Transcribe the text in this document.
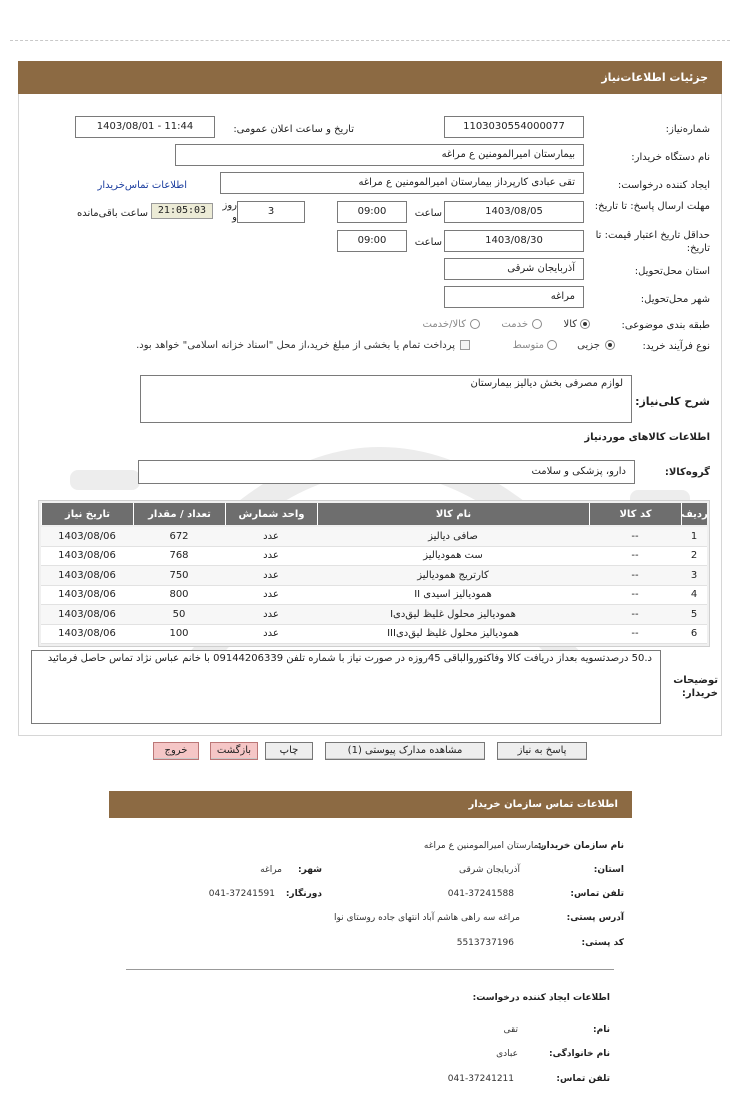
جزئیات اطلاعات‌نیاز
شماره‌نیاز:
1103030554000077
تاریخ و ساعت اعلان عمومی:
1403/08/01 - 11:44
نام دستگاه خریدار:
بیمارستان امیرالمومنین ع مراغه
ایجاد کننده درخواست:
تقی عبادی کارپرداز بیمارستان امیرالمومنین ع مراغه
اطلاعات تماس‌خریدار
مهلت ارسال پاسخ: تا تاریخ:
1403/08/05
ساعت
09:00
3
روز و
21:05:03
ساعت باقی‌مانده
حداقل تاریخ اعتبار قیمت: تا تاریخ:
1403/08/30
ساعت
09:00
استان محل‌تحویل:
آذربایجان شرقی
شهر محل‌تحویل:
مراغه
طبقه بندی موضوعی:
کالا
خدمت
کالا/خدمت
نوع فرآیند خرید:
جزیی
متوسط
پرداخت تمام یا بخشی از مبلغ خرید،از محل "اسناد خزانه اسلامی" خواهد بود.
شرح کلی‌نیاز:
لوازم مصرفی بخش دیالیز بیمارستان
اطلاعات کالاهای موردنیاز
گروه‌کالا:
دارو، پزشکی و سلامت
ردیف
کد کالا
نام کالا
واحد شمارش
تعداد / مقدار
تاریخ نیاز
1
--
صافی دیالیز
عدد
672
1403/08/06
2
--
ست همودیالیز
عدد
768
1403/08/06
3
--
کارتریج همودیالیز
عدد
750
1403/08/06
4
--
همودیالیز اسیدی II
عدد
800
1403/08/06
5
--
همودیالیز محلول غلیظ لیق‌دی‌I
عدد
50
1403/08/06
6
--
همودیالیز محلول غلیظ لیق‌دی‌III
عدد
100
1403/08/06
د.50 درصدتسویه بعداز دریافت کالا وفاکتوروالباقی 45روزه در صورت نیاز با شماره تلفن 09144206339 با خانم عباس نژاد تماس حاصل فرمائید
توضیحات خریدار:
پاسخ به نیاز
مشاهده مدارک پیوستی (1)
چاپ
بازگشت
خروج
اطلاعات تماس سازمان خریدار
نام سازمان خریدار:
بیمارستان امیرالمومنین ع مراغه
استان:
آذربایجان شرقی
شهر:
مراغه
تلفن تماس:
041-37241588
دورنگار:
041-37241591
آدرس پستی:
مراغه سه راهی هاشم آباد انتهای جاده روستای نوا
کد پستی:
5513737196
اطلاعات ایجاد کننده درخواست:
نام:
تقی
نام خانوادگی:
عبادی
تلفن تماس:
041-37241211
